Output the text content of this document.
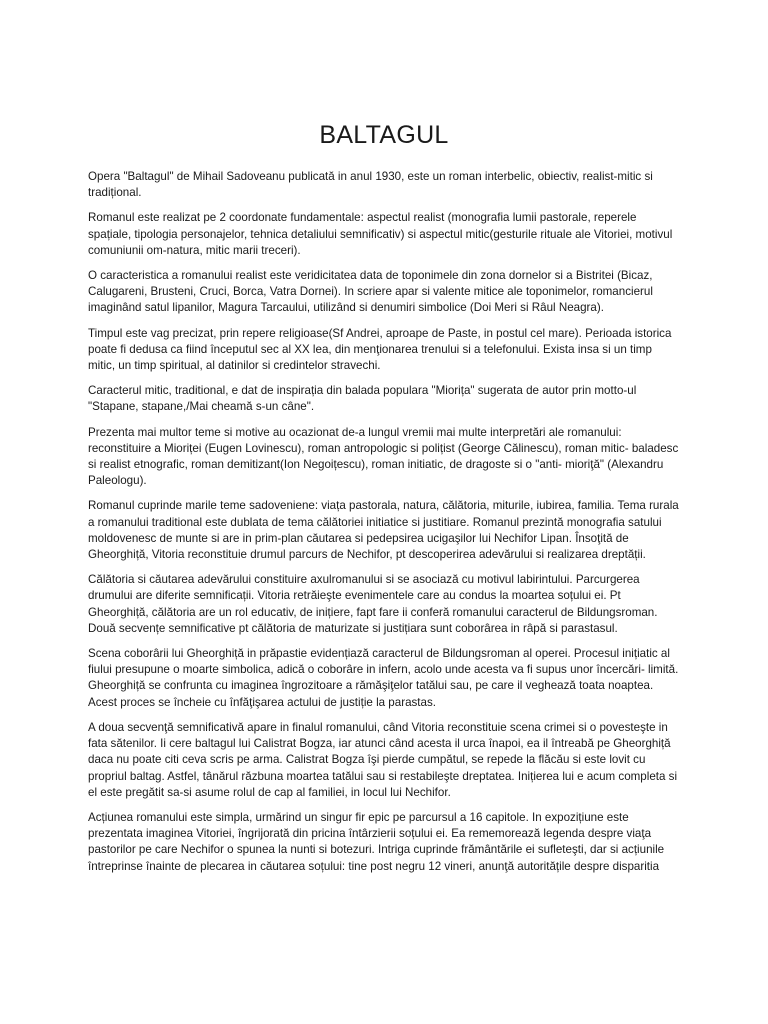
BALTAGUL

Opera "Baltagul" de Mihail Sadoveanu publicată in anul 1930, este un roman interbelic, obiectiv, realist-mitic si tradițional.

Romanul este realizat pe 2 coordonate fundamentale: aspectul realist (monografia lumii pastorale, reperele spațiale, tipologia personajelor, tehnica detaliului semnificativ) si aspectul mitic(gesturile rituale ale Vitoriei, motivul comuniunii om-natura, mitic marii treceri).

O caracteristica a romanului realist este veridicitatea data de toponimele din zona dornelor si a Bistritei (Bicaz, Calugareni, Brusteni, Cruci, Borca, Vatra Dornei). In scriere apar si valente mitice ale toponimelor, romancierul imaginând satul lipanilor, Magura Tarcaului, utilizând si denumiri simbolice (Doi Meri si Râul Neagra).

Timpul este vag precizat, prin repere religioase(Sf Andrei, aproape de Paste, in postul cel mare). Perioada istorica poate fi dedusa ca fiind începutul sec al XX lea, din menţionarea trenului si a telefonului. Exista insa si un timp mitic, un timp spiritual, al datinilor si credintelor stravechi.

Caracterul mitic, traditional, e dat de inspirația din balada populara "Miorița" sugerata de autor prin motto-ul "Stapane, stapane,/Mai cheamă s-un câne".

Prezenta mai multor teme si motive au ocazionat de-a lungul vremii mai multe interpretări ale romanului: reconstituire a Mioriței (Eugen Lovinescu), roman antropologic si polițist (George Călinescu), roman mitic- baladesc si realist etnografic, roman demitizant(Ion Negoițescu), roman initiatic, de dragoste si o "anti- mioriţă" (Alexandru Paleologu).

Romanul cuprinde marile teme sadoveniene: viața pastorala, natura, călătoria, miturile, iubirea, familia. Tema rurala a romanului traditional este dublata de tema călătoriei initiatice si justitiare. Romanul prezintă monografia satului moldovenesc de munte si are in prim-plan căutarea si pedepsirea ucigaşilor lui Nechifor Lipan. Însoţită de Gheorghiță, Vitoria reconstituie drumul parcurs de Nechifor, pt descoperirea adevărului si realizarea dreptății.

Călătoria si căutarea adevărului constituire axulromanului si se asociază cu motivul labirintului. Parcurgerea drumului are diferite semnificații. Vitoria retrăieşte evenimentele care au condus la moartea soțului ei. Pt Gheorghiță, călătoria are un rol educativ, de inițiere, fapt fare ii conferă romanului caracterul de Bildungsroman. Două secvențe semnificative pt călătoria de maturizate si justițiara sunt coborârea in râpă si parastasul.

Scena coborârii lui Gheorghiță in prăpastie evidențiază caracterul de Bildungsroman al operei. Procesul inițiatic al fiului presupune o moarte simbolica, adică o coborâre in infern, acolo unde acesta va fi supus unor încercări- limită. Gheorghiță se confrunta cu imaginea îngrozitoare a rămăşiţelor tatălui sau, pe care il veghează toata noaptea. Acest proces se încheie cu înfăţişarea actului de justiție la parastas.

A doua secvenţă semnificativă apare in finalul romanului, când Vitoria reconstituie scena crimei si o povesteşte in fata sătenilor. Ii cere baltagul lui Calistrat Bogza, iar atunci când acesta il urca înapoi, ea il întreabă pe Gheorghiță daca nu poate citi ceva scris pe arma. Calistrat Bogza îşi pierde cumpătul, se repede la flăcău si este lovit cu propriul baltag. Astfel, tânărul răzbuna moartea tatălui sau si restabileşte dreptatea. Inițierea lui e acum completa si el este pregătit sa-si asume rolul de cap al familiei, in locul lui Nechifor.

Acțiunea romanului este simpla, urmărind un singur fir epic pe parcursul a 16 capitole. In expozițiune este prezentata imaginea Vitoriei, îngrijorată din pricina întârzierii soțului ei. Ea rememorează legenda despre viaţa pastorilor pe care Nechifor o spunea la nunti si botezuri. Intriga cuprinde frământările ei sufleteşti, dar si acțiunile întreprinse înainte de plecarea in căutarea soțului: tine post negru 12 vineri, anunţă autoritățile despre disparitia
